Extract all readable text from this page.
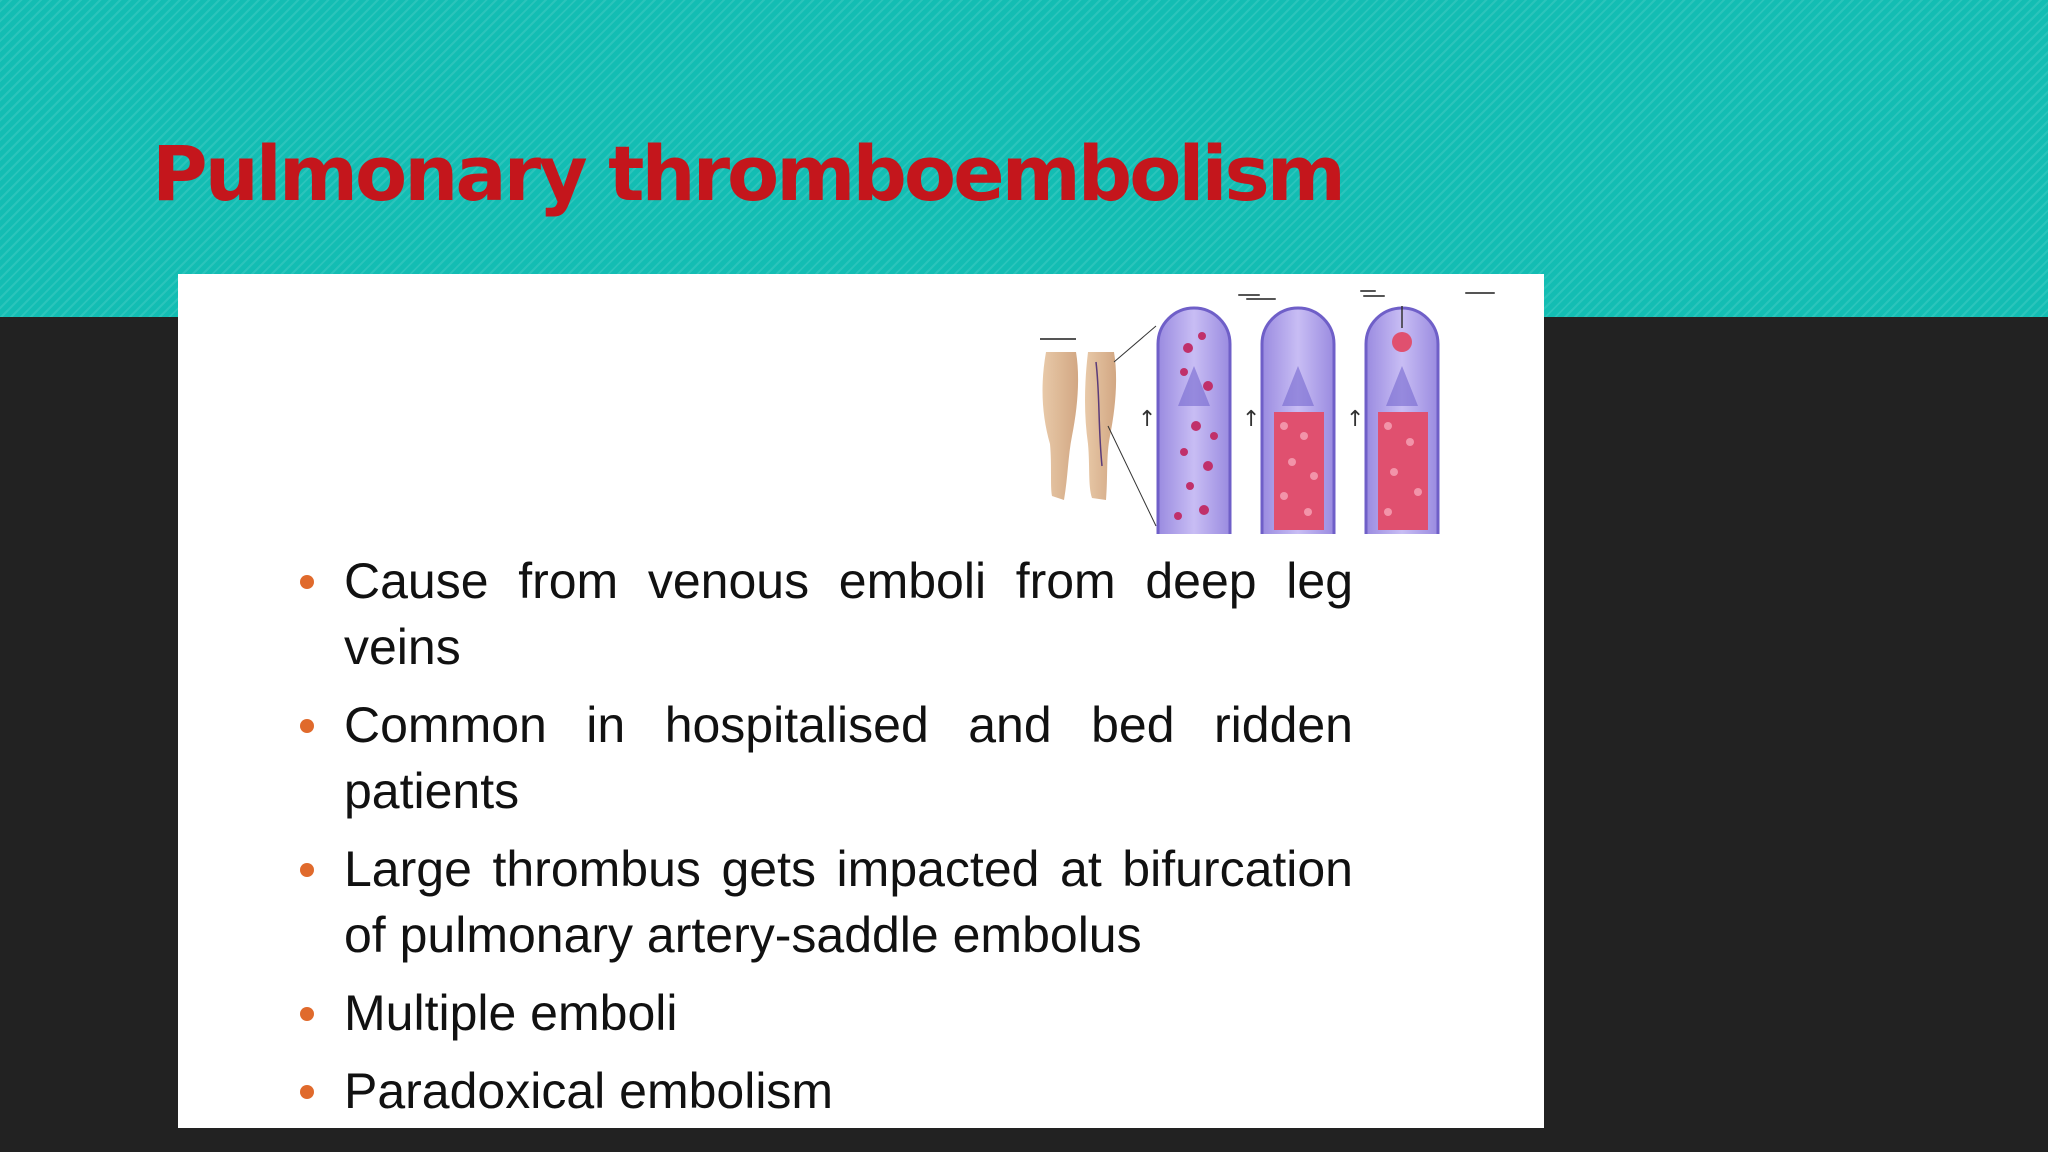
Pulmonary thromboembolism
↑	↑	↑
Cause from venous emboli from deep leg veins
Common in hospitalised and bed ridden patients
Large thrombus gets impacted at bifurcation of pulmonary artery-saddle embolus
Multiple emboli
Paradoxical embolism
